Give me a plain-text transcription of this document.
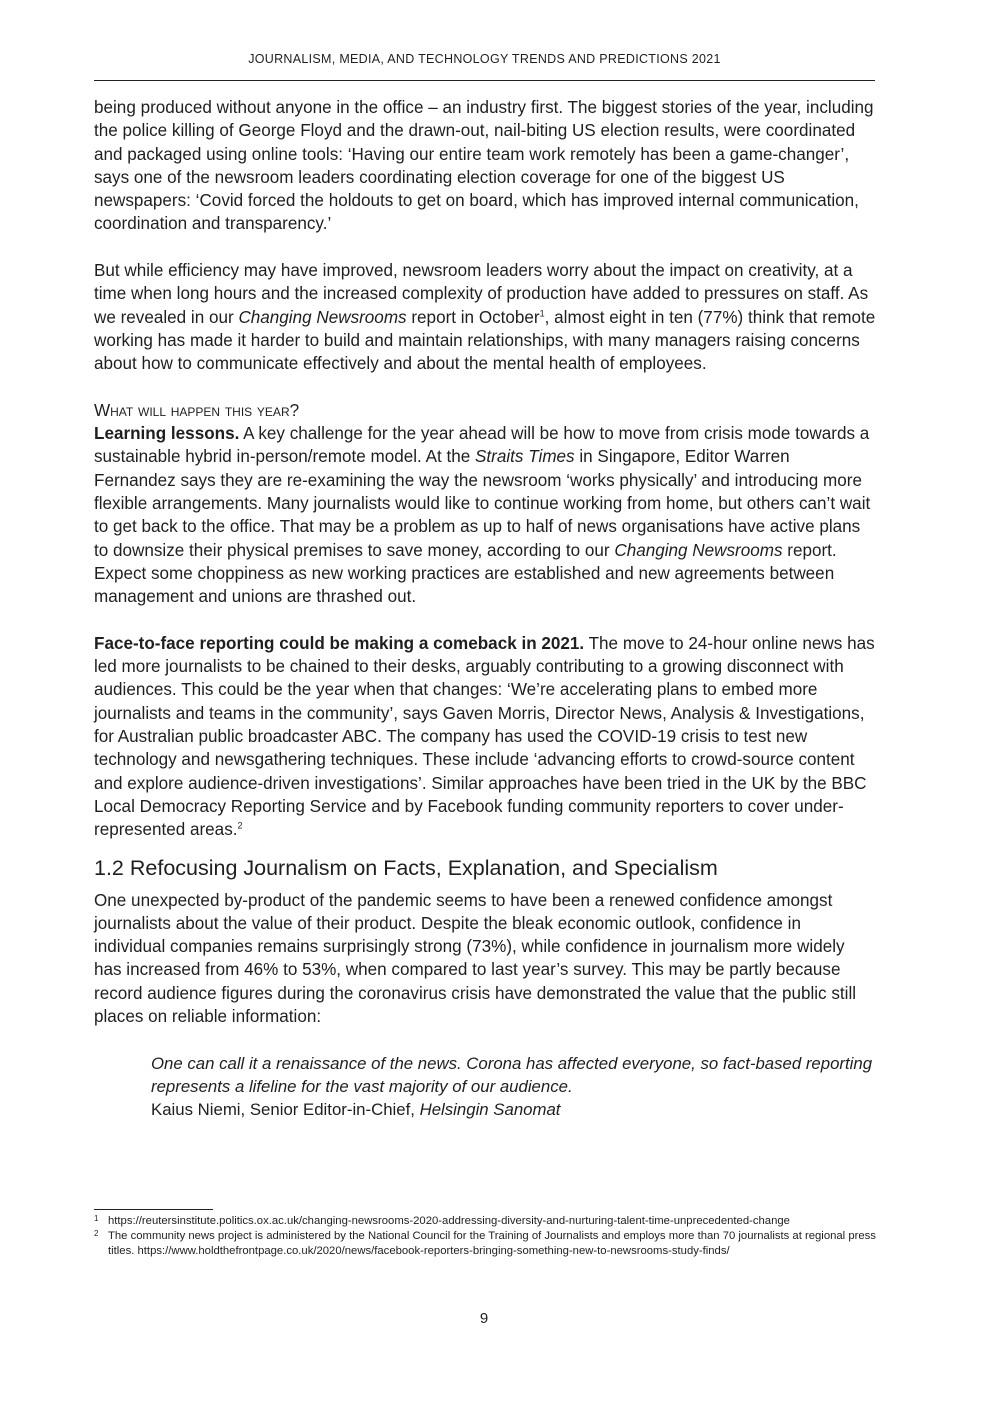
JOURNALISM, MEDIA, AND TECHNOLOGY TRENDS AND PREDICTIONS 2021

being produced without anyone in the office – an industry first. The biggest stories of the year, including the police killing of George Floyd and the drawn-out, nail-biting US election results, were coordinated and packaged using online tools: ‘Having our entire team work remotely has been a game-changer’, says one of the newsroom leaders coordinating election coverage for one of the biggest US newspapers: ‘Covid forced the holdouts to get on board, which has improved internal communication, coordination and transparency.’

But while efficiency may have improved, newsroom leaders worry about the impact on creativity, at a time when long hours and the increased complexity of production have added to pressures on staff. As we revealed in our Changing Newsrooms report in October$^1$, almost eight in ten (77%) think that remote working has made it harder to build and maintain relationships, with many managers raising concerns about how to communicate effectively and about the mental health of employees.

What will happen this year?

Learning lessons. A key challenge for the year ahead will be how to move from crisis mode towards a sustainable hybrid in-person/remote model. At the Straits Times in Singapore, Editor Warren Fernandez says they are re-examining the way the newsroom ‘works physically’ and introducing more flexible arrangements. Many journalists would like to continue working from home, but others can’t wait to get back to the office. That may be a problem as up to half of news organisations have active plans to downsize their physical premises to save money, according to our Changing Newsrooms report. Expect some choppiness as new working practices are established and new agreements between management and unions are thrashed out.

Face-to-face reporting could be making a comeback in 2021. The move to 24-hour online news has led more journalists to be chained to their desks, arguably contributing to a growing disconnect with audiences. This could be the year when that changes: ‘We’re accelerating plans to embed more journalists and teams in the community’, says Gaven Morris, Director News, Analysis & Investigations, for Australian public broadcaster ABC. The company has used the COVID-19 crisis to test new technology and newsgathering techniques. These include ‘advancing efforts to crowd-source content and explore audience-driven investigations’. Similar approaches have been tried in the UK by the BBC Local Democracy Reporting Service and by Facebook funding community reporters to cover under-represented areas.$^2$

1.2 Refocusing Journalism on Facts, Explanation, and Specialism

One unexpected by-product of the pandemic seems to have been a renewed confidence amongst journalists about the value of their product. Despite the bleak economic outlook, confidence in individual companies remains surprisingly strong (73%), while confidence in journalism more widely has increased from 46% to 53%, when compared to last year’s survey. This may be partly because record audience figures during the coronavirus crisis have demonstrated the value that the public still places on reliable information:

One can call it a renaissance of the news. Corona has affected everyone, so fact-based reporting represents a lifeline for the vast majority of our audience.
Kaius Niemi, Senior Editor-in-Chief, Helsingin Sanomat
1 https://reutersinstitute.politics.ox.ac.uk/changing-newsrooms-2020-addressing-diversity-and-nurturing-talent-time-unprecedented-change
2 The community news project is administered by the National Council for the Training of Journalists and employs more than 70 journalists at regional press titles. https://www.holdthefrontpage.co.uk/2020/news/facebook-reporters-bringing-something-new-to-newsrooms-study-finds/
9
